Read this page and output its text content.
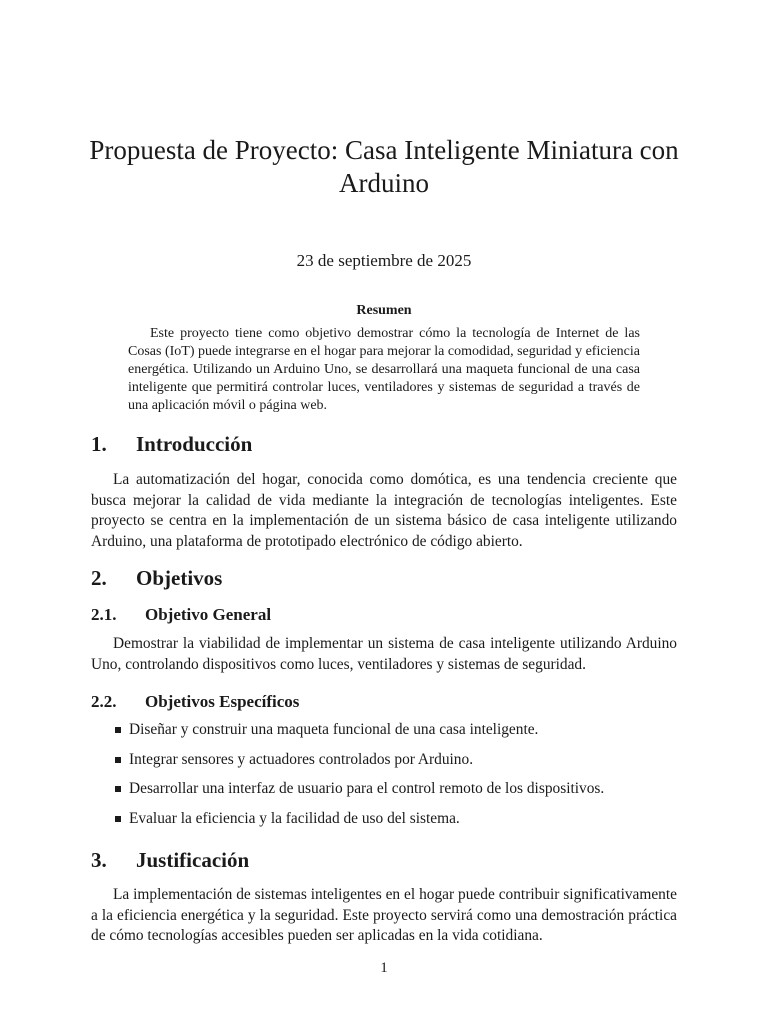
Propuesta de Proyecto: Casa Inteligente Miniatura con Arduino

23 de septiembre de 2025

Resumen

Este proyecto tiene como objetivo demostrar cómo la tecnología de Internet de las Cosas (IoT) puede integrarse en el hogar para mejorar la comodidad, seguridad y eficiencia energética. Utilizando un Arduino Uno, se desarrollará una maqueta funcional de una casa inteligente que permitirá controlar luces, ventiladores y sistemas de seguridad a través de una aplicación móvil o página web.

1. Introducción

La automatización del hogar, conocida como domótica, es una tendencia creciente que busca mejorar la calidad de vida mediante la integración de tecnologías inteligentes. Este proyecto se centra en la implementación de un sistema básico de casa inteligente utilizando Arduino, una plataforma de prototipado electrónico de código abierto.

2. Objetivos
2.1. Objetivo General

Demostrar la viabilidad de implementar un sistema de casa inteligente utilizando Arduino Uno, controlando dispositivos como luces, ventiladores y sistemas de seguridad.

2.2. Objetivos Específicos
Diseñar y construir una maqueta funcional de una casa inteligente.
Integrar sensores y actuadores controlados por Arduino.
Desarrollar una interfaz de usuario para el control remoto de los dispositivos.
Evaluar la eficiencia y la facilidad de uso del sistema.
3. Justificación

La implementación de sistemas inteligentes en el hogar puede contribuir significativamente a la eficiencia energética y la seguridad. Este proyecto servirá como una demostración práctica de cómo tecnologías accesibles pueden ser aplicadas en la vida cotidiana.

1
